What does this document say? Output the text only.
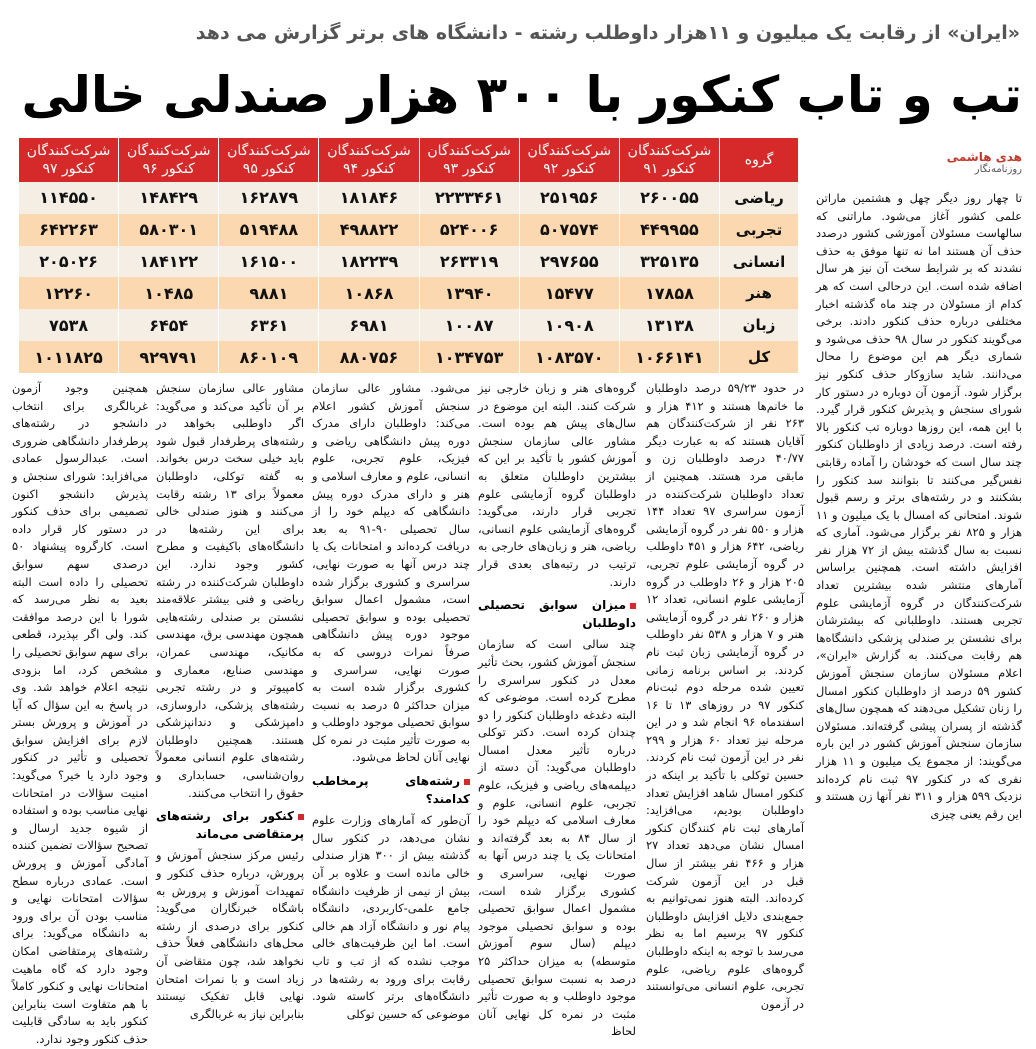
«ایران» از رقابت یک میلیون و ۱۱هزار داوطلب رشته - دانشگاه های برتر گزارش می دهد
تب و تاب کنکور با ۳۰۰ هزار صندلی خالی
هدی هاشمی
روزنامه‌نگار
گروه	شرکت‌کنندگان کنکور ۹۱	شرکت‌کنندگان کنکور ۹۲	شرکت‌کنندگان کنکور ۹۳	شرکت‌کنندگان کنکور ۹۴	شرکت‌کنندگان کنکور ۹۵	شرکت‌کنندگان کنکور ۹۶	شرکت‌کنندگان کنکور ۹۷
ریاضی	۲۶۰۰۵۵	۲۵۱۹۵۶	۲۲۳۳۴۶۱	۱۸۱۸۴۶	۱۶۲۸۷۹	۱۴۸۴۲۹	۱۱۴۵۵۰
تجربی	۴۴۹۹۵۵	۵۰۷۵۷۴	۵۲۴۰۰۶	۴۹۸۸۲۲	۵۱۹۴۸۸	۵۸۰۳۰۱	۶۴۲۲۶۳
انسانی	۳۲۵۱۳۵	۲۹۷۶۵۵	۲۶۳۳۱۹	۱۸۲۲۳۹	۱۶۱۵۰۰	۱۸۴۱۲۲	۲۰۵۰۲۶
هنر	۱۷۸۵۸	۱۵۴۷۷	۱۳۹۴۰	۱۰۸۶۸	۹۸۸۱	۱۰۴۸۵	۱۲۲۶۰
زبان	۱۳۱۳۸	۱۰۹۰۸	۱۰۰۸۷	۶۹۸۱	۶۳۶۱	۶۴۵۴	۷۵۳۸
کل	۱۰۶۶۱۴۱	۱۰۸۳۵۷۰	۱۰۳۴۷۵۳	۸۸۰۷۵۶	۸۶۰۱۰۹	۹۲۹۷۹۱	۱۰۱۱۸۲۵

تا چهار روز دیگر چهل و هشتمین ماراتن علمی کشور آغاز می‌شود. ماراتنی که سالهاست مسئولان آموزشی کشور درصدد حذف آن هستند اما نه تنها موفق به حذف نشدند که بر شرایط سخت آن نیز هر سال اضافه شده است. این درحالی است که هر کدام از مسئولان در چند ماه گذشته اخبار مختلفی درباره حذف کنکور دادند. برخی می‌گویند کنکور در سال ۹۸ حذف می‌شود و شماری دیگر هم این موضوع را محال می‌دانند. شاید سازوکار حذف کنکور نیز برگزار شود. آزمون آن دوباره در دستور کار شورای سنجش و پذیرش کنکور قرار گیرد. با این همه، این روزها دوباره تب کنکور بالا رفته است. درصد زیادی از داوطلبان کنکور چند سال است که خودشان را آماده رقابتی نفس‌گیر می‌کنند تا بتوانند سد کنکور را بشکنند و در رشته‌های برتر و رسم قبول شوند. امتحانی که امسال با یک میلیون و ۱۱ هزار و ۸۲۵ نفر برگزار می‌شود. آماری که نسبت به سال گذشته بیش از ۷۲ هزار نفر افزایش داشته است. همچنین براساس آمارهای منتشر شده بیشترین تعداد شرکت‌کنندگان در گروه آزمایشی علوم تجربی هستند. داوطلبانی که بیشترشان برای نشستن بر صندلی پزشکی دانشگاه‌ها هم رقابت می‌کنند. به گزارش «ایران»، اعلام مسئولان سازمان سنجش آموزش کشور ۵۹ درصد از داوطلبان کنکور امسال را زنان تشکیل می‌دهند که همچون سال‌های گذشته از پسران پیشی گرفته‌اند. مسئولان سازمان سنجش آموزش کشور در این باره می‌گویند: از مجموع یک میلیون و ۱۱ هزار نفری که در کنکور ۹۷ ثبت نام کرده‌اند نزدیک ۵۹۹ هزار و ۳۱۱ نفر آنها زن هستند و این رقم یعنی چیزی

در حدود ۵۹/۲۳ درصد داوطلبان ما خانم‌ها هستند و ۴۱۲ هزار و ۲۶۳ نفر از شرکت‌کنندگان هم آقایان هستند که به عبارت دیگر ۴۰/۷۷ درصد داوطلبان زن و مابقی مرد هستند. همچنین از تعداد داوطلبان شرکت‌کننده در آزمون سراسری ۹۷ تعداد ۱۴۴ هزار و ۵۵۰ نفر در گروه آزمایشی ریاضی، ۶۴۲ هزار و ۴۵۱ داوطلب در گروه آزمایشی علوم تجربی، ۲۰۵ هزار و ۲۶ داوطلب در گروه آزمایشی علوم انسانی، تعداد ۱۲ هزار و ۲۶۰ نفر در گروه آزمایشی هنر و ۷ هزار و ۵۳۸ نفر داوطلب در گروه آزمایشی زبان ثبت نام کردند. بر اساس برنامه زمانی تعیین شده مرحله دوم ثبت‌نام کنکور ۹۷ در روزهای ۱۳ تا ۱۶ اسفندماه ۹۶ انجام شد و در این مرحله نیز تعداد ۶۰ هزار و ۲۹۹ نفر در این آزمون ثبت نام کردند. حسین توکلی با تأکید بر اینکه در کنکور امسال شاهد افزایش تعداد داوطلبان بودیم، می‌افزاید: آمارهای ثبت نام کنندگان کنکور امسال نشان می‌دهد تعداد ۲۷ هزار و ۴۶۶ نفر بیشتر از سال قبل در این آزمون شرکت کرده‌اند. البته هنوز نمی‌توانیم به جمع‌بندی دلایل افزایش داوطلبان کنکور ۹۷ برسیم اما به نظر می‌رسد با توجه به اینکه داوطلبان گروه‌های علوم ریاضی، علوم تجربی، علوم انسانی می‌توانستند در آزمون

گروه‌های هنر و زبان خارجی نیز شرکت کنند. البته این موضوع در سال‌های پیش هم بوده است. مشاور عالی سازمان سنجش آموزش کشور با تأکید بر این که بیشترین داوطلبان متعلق به داوطلبان گروه آزمایشی علوم تجربی قرار دارند، می‌گوید: گروه‌های آزمایشی علوم انسانی، ریاضی، هنر و زبان‌های خارجی به ترتیب در رتبه‌های بعدی قرار دارند.

میزان سوابق تحصیلی داوطلبان

چند سالی است که سازمان سنجش آموزش کشور، بحث تأثیر معدل در کنکور سراسری را مطرح کرده است. موضوعی که البته دغدغه داوطلبان کنکور را دو چندان کرده است. دکتر توکلی درباره تأثیر معدل امسال داوطلبان می‌گوید: آن دسته از دیپلمه‌های ریاضی و فیزیک، علوم تجربی، علوم انسانی، علوم و معارف اسلامی که دیپلم خود را از سال ۸۴ به بعد گرفته‌اند و امتحانات یک یا چند درس آنها به صورت نهایی، سراسری و کشوری برگزار شده است، مشمول اعمال سوابق تحصیلی بوده و سوابق تحصیلی موجود دیپلم (سال سوم آموزش متوسطه) به میزان حداکثر ۲۵ درصد به نسبت سوابق تحصیلی موجود داوطلب و به صورت تأثیر مثبت در نمره کل نهایی آنان لحاظ

می‌شود. مشاور عالی سازمان سنجش آموزش کشور اعلام می‌کند: داوطلبان دارای مدرک دوره پیش دانشگاهی ریاضی و فیزیک، علوم تجربی، علوم انسانی، علوم و معارف اسلامی و هنر و دارای مدرک دوره پیش دانشگاهی که دیپلم خود را از سال تحصیلی ۹۰-۹۱ به بعد دریافت کرده‌اند و امتحانات یک یا چند درس آنها به صورت نهایی، سراسری و کشوری برگزار شده است، مشمول اعمال سوابق تحصیلی بوده و سوابق تحصیلی موجود دوره پیش دانشگاهی صرفاً نمرات دروسی که به صورت نهایی، سراسری و کشوری برگزار شده است به میزان حداکثر ۵ درصد به نسبت سوابق تحصیلی موجود داوطلب و به صورت تأثیر مثبت در نمره کل نهایی آنان لحاظ می‌شود.

رشته‌های پرمخاطب کدامند؟

آن‌طور که آمارهای وزارت علوم نشان می‌دهد، در کنکور سال گذشته بیش از ۳۰۰ هزار صندلی خالی مانده است و علاوه بر آن بیش از نیمی از ظرفیت دانشگاه جامع علمی-کاربردی، دانشگاه پیام نور و دانشگاه آزاد هم خالی است. اما این ظرفیت‌های خالی موجب نشده که از تب و تاب رقابت برای ورود به رشته‌ها در دانشگاه‌های برتر کاسته شود. موضوعی که حسین توکلی

مشاور عالی سازمان سنجش بر آن تأکید می‌کند و می‌گوید: اگر داوطلبی بخواهد در رشته‌های پرطرفدار قبول شود باید خیلی سخت درس بخواند. به گفته توکلی، داوطلبان معمولاً برای ۱۳ رشته رقابت می‌کنند و هنوز صندلی خالی برای این رشته‌ها در دانشگاه‌های باکیفیت و مطرح کشور وجود ندارد. این داوطلبان شرکت‌کننده در رشته ریاضی و فنی بیشتر علاقه‌مند نشستن بر صندلی رشته‌هایی همچون مهندسی برق، مهندسی مکانیک، مهندسی عمران، مهندسی صنایع، معماری و کامپیوتر و در رشته تجربی رشته‌های پزشکی، داروسازی، دامپزشکی و دندانپزشکی هستند. همچنین داوطلبان رشته‌های علوم انسانی معمولاً روان‌شناسی، حسابداری و حقوق را انتخاب می‌کنند.

کنکور برای رشته‌های پرمتقاضی می‌ماند

رئیس مرکز سنجش آموزش و پرورش، درباره حذف کنکور و تمهیدات آموزش و پرورش به باشگاه خبرنگاران می‌گوید: کنکور برای درصدی از رشته محل‌های دانشگاهی فعلاً حذف نخواهد شد، چون متقاضی آن زیاد است و با نمرات امتحان نهایی قابل تفکیک نیستند بنابراین نیاز به غربالگری

همچنین وجود آزمون غربالگری برای انتخاب دانشجو در رشته‌های پرطرفدار دانشگاهی ضروری است. عبدالرسول عمادی می‌افزاید: شورای سنجش و پذیرش دانشجو اکنون تصمیمی برای حذف کنکور در دستور کار قرار داده است. کارگروه پیشنهاد ۵۰ درصدی سهم سوابق تحصیلی را داده است البته بعید به نظر می‌رسد که شورا با این درصد موافقت کند. ولی اگر بپذیرد، قطعی برای سهم سوابق تحصیلی را مشخص کرد، اما بزودی نتیجه اعلام خواهد شد. وی در پاسخ به این سؤال که آیا در آموزش و پرورش بستر لازم برای افزایش سوابق تحصیلی و تأثیر در کنکور وجود دارد یا خیر؟ می‌گوید: امنیت سؤالات در امتحانات نهایی مناسب بوده و استفاده از شیوه جدید ارسال و تصحیح سؤالات تضمین کننده آمادگی آموزش و پرورش است. عمادی درباره سطح سؤالات امتحانات نهایی و مناسب بودن آن برای ورود به دانشگاه می‌گوید: برای رشته‌های پرمتقاضی امکان وجود دارد که گاه ماهیت امتحانات نهایی و کنکور کاملاً با هم متفاوت است بنابراین کنکور باید به سادگی قابلیت حذف کنکور وجود ندارد.
